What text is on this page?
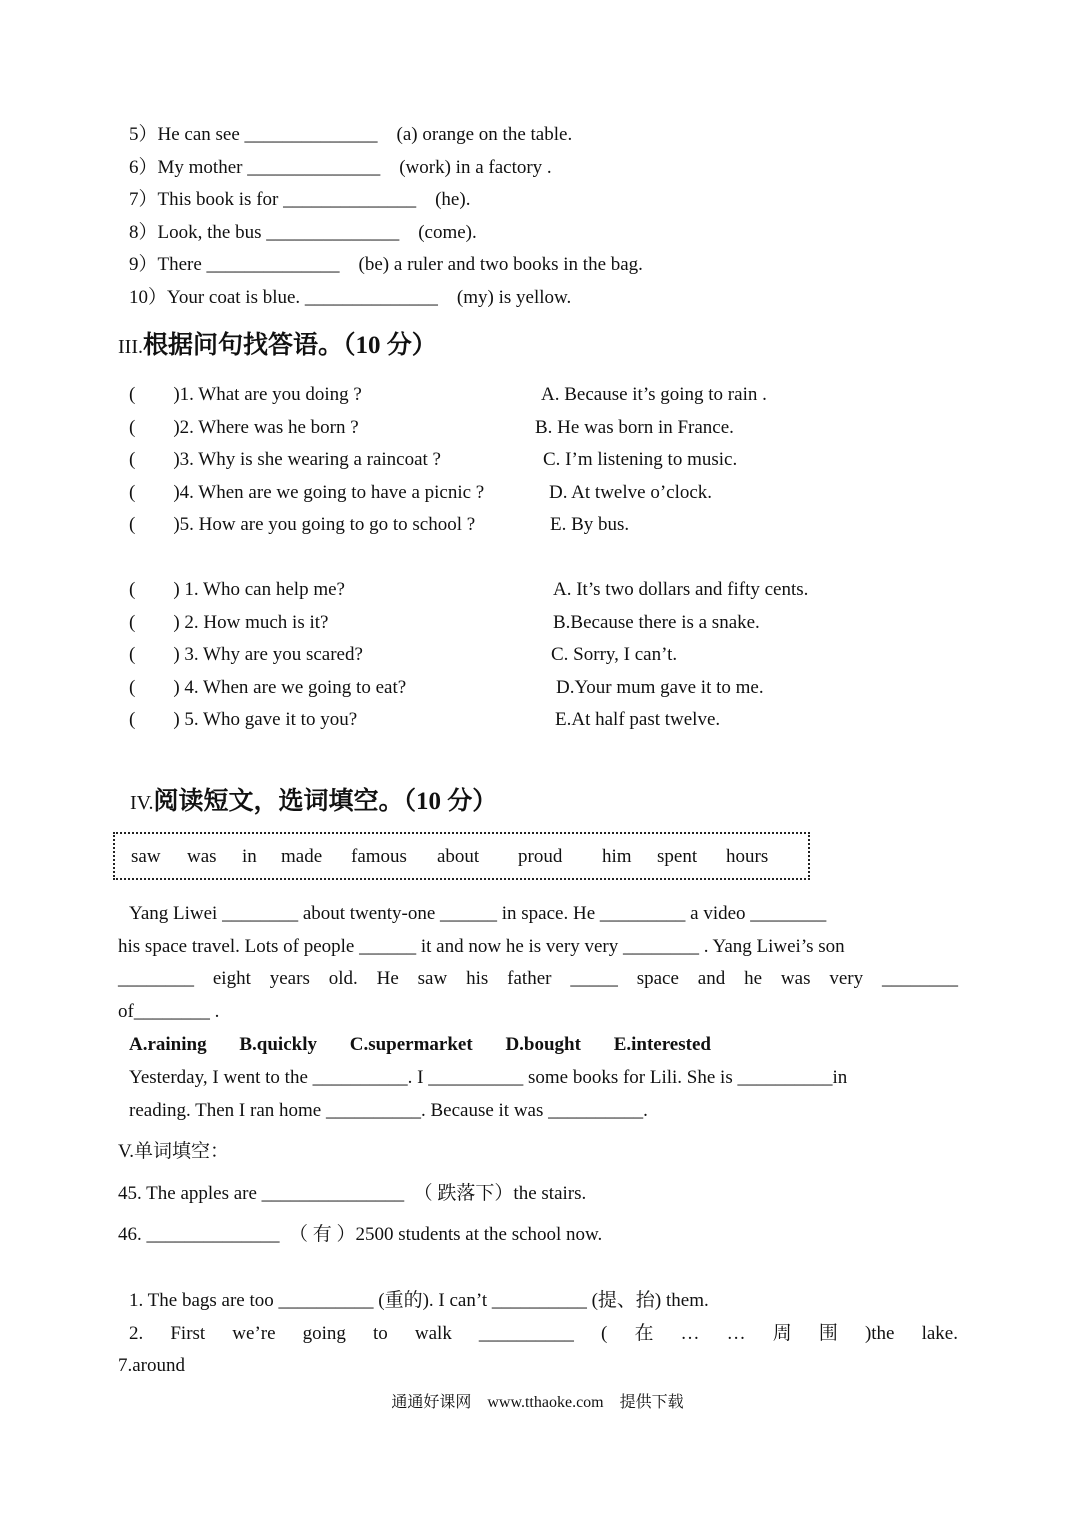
5）He can see ______________　(a) orange on the table.
6）My mother ______________　(work) in a factory .
7）This book is for ______________　(he).
8）Look, the bus ______________　(come).
9）There ______________　(be) a ruler and two books in the bag.
10）Your coat is blue. ______________　(my) is yellow.
III.根据问句找答语。（10 分）
(　　)1. What are you doing ?	A. Because it’s going to rain .
(　　)2. Where was he born ?	B. He was born in France.
(　　)3. Why is she wearing a raincoat ?	C. I’m listening to music.
(　　)4. When are we going to have a picnic ?	D. At twelve o’clock.
(　　)5. How are you going to go to school ?	E. By bus.
(　　) 1. Who can help me?	A. It’s two dollars and fifty cents.
(　　) 2. How much is it?	B.Because there is a snake.
(　　) 3. Why are you scared?	C. Sorry, I can’t.
(　　) 4. When are we going to eat?	D.Your mum gave it to me.
(　　) 5. Who gave it to you?	E.At half past twelve.
IV.阅读短文，选词填空。（10 分）
saw was in made famous about proud him spent hours
Yang Liwei ________ about twenty-one ______ in space. He _________ a video ________
his space travel. Lots of people ______ it and now he is very very ________ . Yang Liwei’s son
________ eight years old. He saw his father _____ space and he was very ________
of________ .
A.raining B.quickly C.supermarket D.bought E.interested
Yesterday, I went to the __________. I __________ some books for Lili. She is __________in
reading. Then I ran home __________. Because it was __________.
V.单词填空：
45. The apples are _______________　（ 跌落下）the stairs.
46. ______________　（ 有 ）2500 students at the school now.
1. The bags are too __________ (重的). I can’t __________ (提、抬) them.
2. First we’re going to walk __________ ( 在 … … 周 围 )the lake.
7.around
通通好课网　www.tthaoke.com　提供下载
